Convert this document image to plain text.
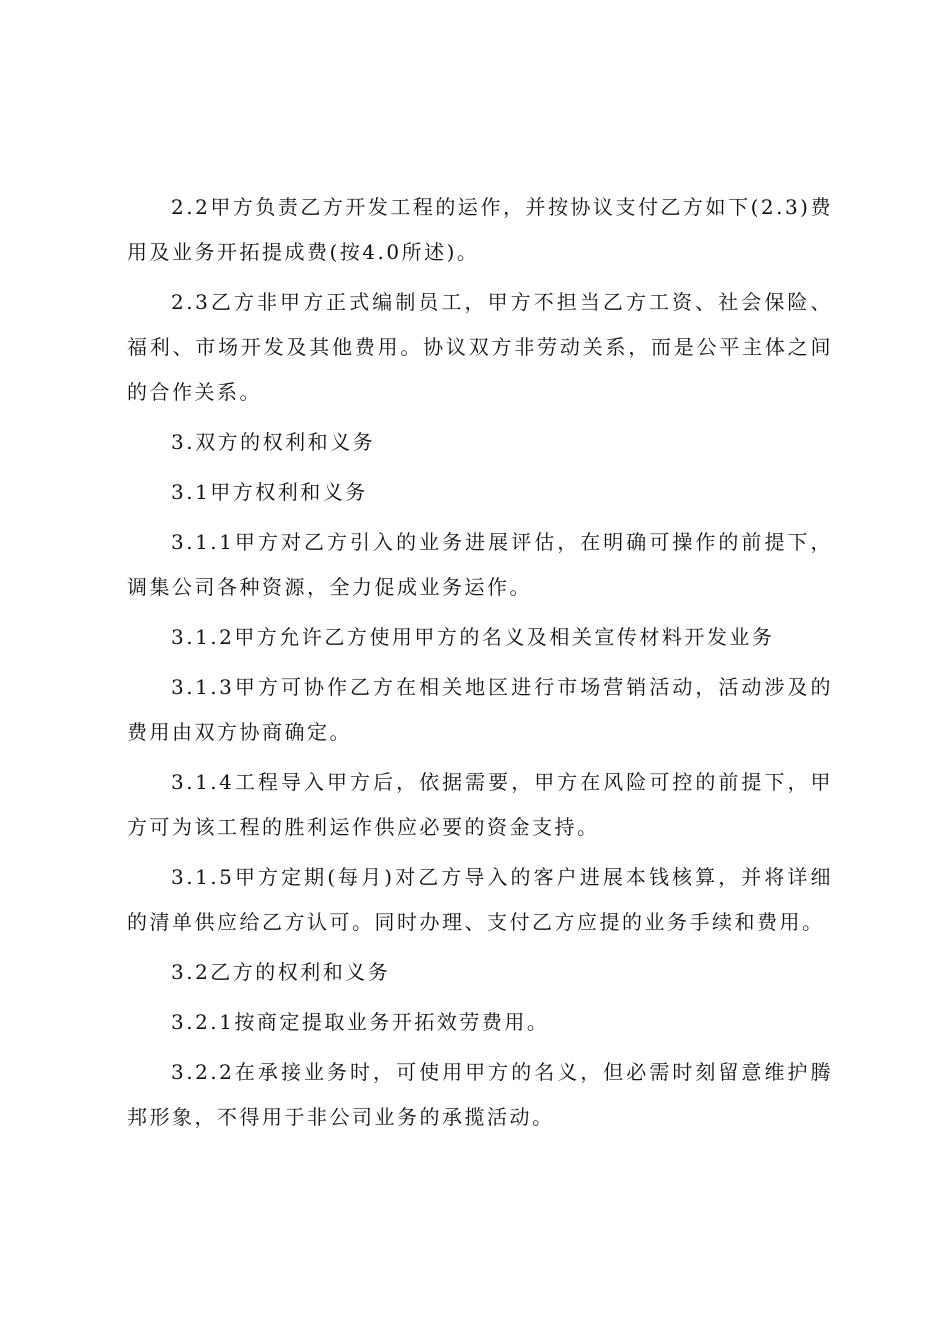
2.2甲方负责乙方开发工程的运作，并按协议支付乙方如下(2.3)费用及业务开拓提成费(按4.0所述)。

2.3乙方非甲方正式编制员工，甲方不担当乙方工资、社会保险、福利、市场开发及其他费用。协议双方非劳动关系，而是公平主体之间的合作关系。

3.双方的权利和义务

3.1甲方权利和义务

3.1.1甲方对乙方引入的业务进展评估，在明确可操作的前提下，调集公司各种资源，全力促成业务运作。

3.1.2甲方允许乙方使用甲方的名义及相关宣传材料开发业务

3.1.3甲方可协作乙方在相关地区进行市场营销活动，活动涉及的费用由双方协商确定。

3.1.4工程导入甲方后，依据需要，甲方在风险可控的前提下，甲方可为该工程的胜利运作供应必要的资金支持。

3.1.5甲方定期(每月)对乙方导入的客户进展本钱核算，并将详细的清单供应给乙方认可。同时办理、支付乙方应提的业务手续和费用。

3.2乙方的权利和义务

3.2.1按商定提取业务开拓效劳费用。

3.2.2在承接业务时，可使用甲方的名义，但必需时刻留意维护腾邦形象，不得用于非公司业务的承揽活动。
